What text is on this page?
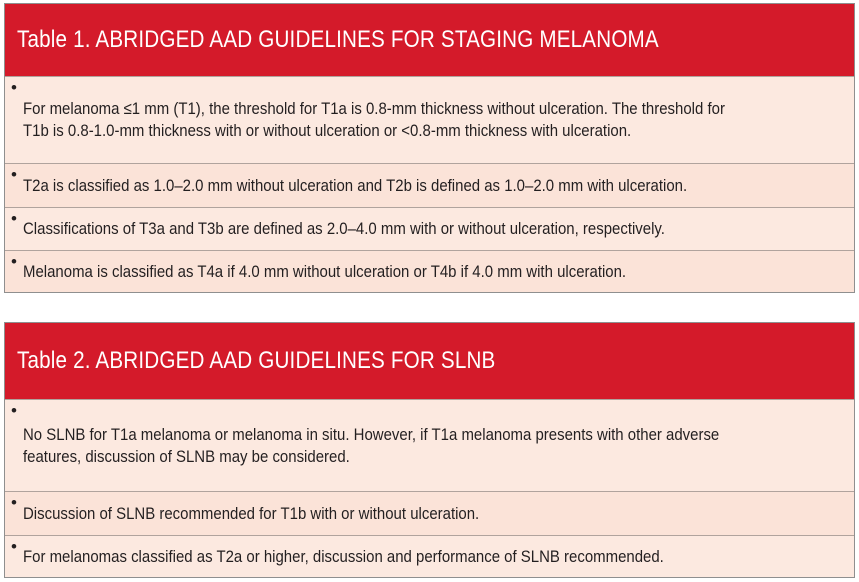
Table 1. ABRIDGED AAD GUIDELINES FOR STAGING MELANOMA
•
For melanoma ≤1 mm (T1), the threshold for T1a is 0.8-mm thickness without ulceration. The threshold for T1b is 0.8-1.0-mm thickness with or without ulceration or <0.8-mm thickness with ulceration.
•
T2a is classified as 1.0–2.0 mm without ulceration and T2b is defined as 1.0–2.0 mm with ulceration.
•
Classifications of T3a and T3b are defined as 2.0–4.0 mm with or without ulceration, respectively.
• Melanoma is classified as T4a if 4.0 mm without ulceration or T4b if 4.0 mm with ulceration.
Table 2. ABRIDGED AAD GUIDELINES FOR SLNB
•
No SLNB for T1a melanoma or melanoma in situ. However, if T1a melanoma presents with other adverse features, discussion of SLNB may be considered.
•
Discussion of SLNB recommended for T1b with or without ulceration.
• For melanomas classified as T2a or higher, discussion and performance of SLNB recommended.
